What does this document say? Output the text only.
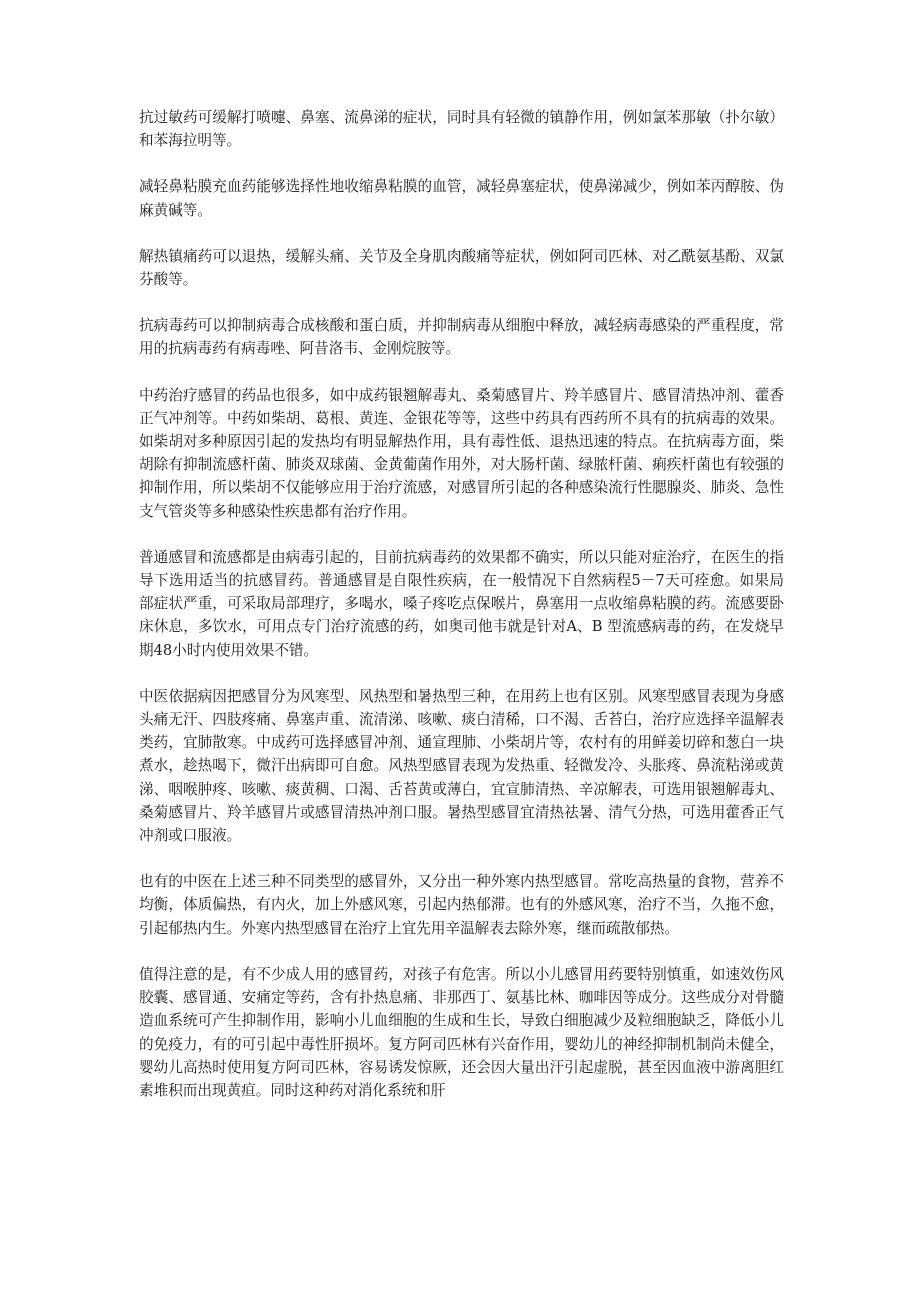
抗过敏药可缓解打喷嚏、鼻塞、流鼻涕的症状，同时具有轻微的镇静作用，例如氯苯那敏（扑尔敏）和苯海拉明等。

减轻鼻粘膜充血药能够选择性地收缩鼻粘膜的血管，减轻鼻塞症状，使鼻涕减少，例如苯丙醇胺、伪麻黄碱等。

解热镇痛药可以退热，缓解头痛、关节及全身肌肉酸痛等症状，例如阿司匹林、对乙酰氨基酚、双氯芬酸等。

抗病毒药可以抑制病毒合成核酸和蛋白质，并抑制病毒从细胞中释放，减轻病毒感染的严重程度，常用的抗病毒药有病毒唑、阿昔洛韦、金刚烷胺等。

中药治疗感冒的药品也很多，如中成药银翘解毒丸、桑菊感冒片、羚羊感冒片、感冒清热冲剂、藿香正气冲剂等。中药如柴胡、葛根、黄连、金银花等等，这些中药具有西药所不具有的抗病毒的效果。如柴胡对多种原因引起的发热均有明显解热作用，具有毒性低、退热迅速的特点。在抗病毒方面，柴胡除有抑制流感杆菌、肺炎双球菌、金黄葡菌作用外，对大肠杆菌、绿脓杆菌、痢疾杆菌也有较强的抑制作用，所以柴胡不仅能够应用于治疗流感，对感冒所引起的各种感染流行性腮腺炎、肺炎、急性支气管炎等多种感染性疾患都有治疗作用。

普通感冒和流感都是由病毒引起的，目前抗病毒药的效果都不确实，所以只能对症治疗，在医生的指导下选用适当的抗感冒药。普通感冒是自限性疾病，在一般情况下自然病程5－7天可痊愈。如果局部症状严重，可采取局部理疗，多喝水，嗓子疼吃点保喉片，鼻塞用一点收缩鼻粘膜的药。流感要卧床休息，多饮水，可用点专门治疗流感的药，如奥司他韦就是针对A、B 型流感病毒的药，在发烧早期48小时内使用效果不错。

中医依据病因把感冒分为风寒型、风热型和暑热型三种，在用药上也有区别。风寒型感冒表现为身感头痛无汗、四肢疼痛、鼻塞声重、流清涕、咳嗽、痰白清稀，口不渴、舌苔白，治疗应选择辛温解表类药，宜肺散寒。中成药可选择感冒冲剂、通宣理肺、小柴胡片等，农村有的用鲜姜切碎和葱白一块煮水，趁热喝下，微汗出病即可自愈。风热型感冒表现为发热重、轻微发冷、头胀疼、鼻流粘涕或黄涕、咽喉肿疼、咳嗽、痰黄稠、口渴、舌苔黄或薄白，宜宣肺清热、辛凉解表，可选用银翘解毒丸、桑菊感冒片、羚羊感冒片或感冒清热冲剂口服。暑热型感冒宜清热祛暑、清气分热，可选用藿香正气冲剂或口服液。

也有的中医在上述三种不同类型的感冒外，又分出一种外寒内热型感冒。常吃高热量的食物，营养不均衡，体质偏热，有内火，加上外感风寒，引起内热郁滞。也有的外感风寒，治疗不当，久拖不愈，引起郁热内生。外寒内热型感冒在治疗上宜先用辛温解表去除外寒，继而疏散郁热。

值得注意的是，有不少成人用的感冒药，对孩子有危害。所以小儿感冒用药要特别慎重，如速效伤风胶囊、感冒通、安痛定等药，含有扑热息痛、非那西丁、氨基比林、咖啡因等成分。这些成分对骨髓造血系统可产生抑制作用，影响小儿血细胞的生成和生长，导致白细胞减少及粒细胞缺乏，降低小儿的免疫力，有的可引起中毒性肝损坏。复方阿司匹林有兴奋作用，婴幼儿的神经抑制机制尚未健全，婴幼儿高热时使用复方阿司匹林，容易诱发惊厥，还会因大量出汗引起虚脱，甚至因血液中游离胆红素堆积而出现黄疸。同时这种药对消化系统和肝
